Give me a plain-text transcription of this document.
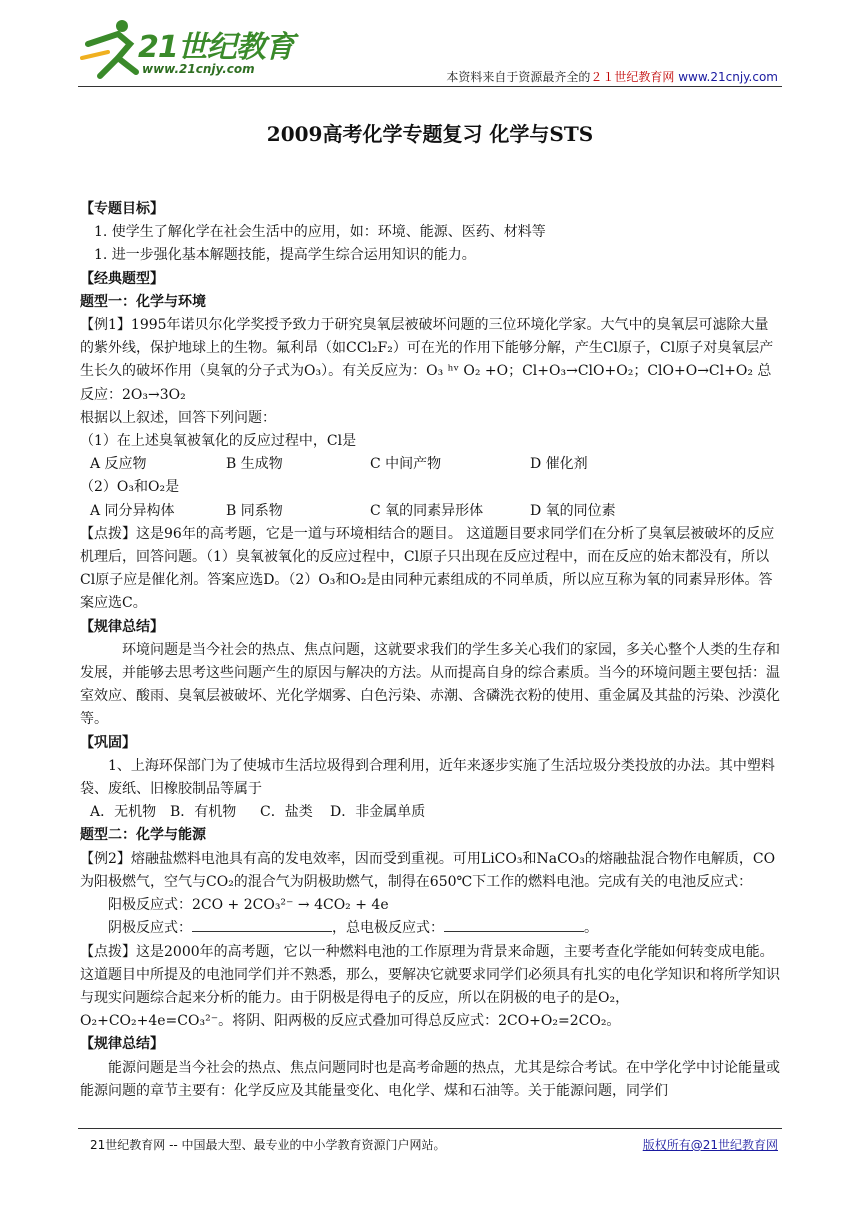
21世纪教育
www.21cnjy.com
本资料来自于资源最齐全的２１世纪教育网 www.21cnjy.com
2009高考化学专题复习 化学与STS

【专题目标】

1. 使学生了解化学在社会生活中的应用，如：环境、能源、医药、材料等

1. 进一步强化基本解题技能，提高学生综合运用知识的能力。

【经典题型】

题型一：化学与环境

【例1】1995年诺贝尔化学奖授予致力于研究臭氧层被破坏问题的三位环境化学家。大气中的臭氧层可滤除大量的紫外线，保护地球上的生物。氟利昂（如CCl₂F₂）可在光的作用下能够分解，产生Cl原子，Cl原子对臭氧层产生长久的破坏作用（臭氧的分子式为O₃）。有关反应为：O₃ ʰᵛ O₂ +O；Cl+O₃→ClO+O₂；ClO+O→Cl+O₂ 总反应：2O₃→3O₂

根据以上叙述，回答下列问题：

（1）在上述臭氧被氧化的反应过程中，Cl是

A 反应物	B 生成物	C 中间产物	D 催化剂

（2）O₃和O₂是

A 同分异构体	B 同系物	C 氧的同素异形体	D 氧的同位素

【点拨】这是96年的高考题，它是一道与环境相结合的题目。 这道题目要求同学们在分析了臭氧层被破坏的反应机理后，回答问题。（1）臭氧被氧化的反应过程中，Cl原子只出现在反应过程中，而在反应的始末都没有，所以Cl原子应是催化剂。答案应选D。（2）O₃和O₂是由同种元素组成的不同单质，所以应互称为氧的同素异形体。答案应选C。

【规律总结】

环境问题是当今社会的热点、焦点问题，这就要求我们的学生多关心我们的家园，多关心整个人类的生存和发展，并能够去思考这些问题产生的原因与解决的方法。从而提高自身的综合素质。当今的环境问题主要包括：温室效应、酸雨、臭氧层被破坏、光化学烟雾、白色污染、赤潮、含磷洗衣粉的使用、重金属及其盐的污染、沙漠化等。

【巩固】

1、上海环保部门为了使城市生活垃圾得到合理利用，近年来逐步实施了生活垃圾分类投放的办法。其中塑料袋、废纸、旧橡胶制品等属于

A．无机物 B．有机物	C．盐类	D．非金属单质

题型二：化学与能源

【例2】熔融盐燃料电池具有高的发电效率，因而受到重视。可用LiCO₃和NaCO₃的熔融盐混合物作电解质，CO为阳极燃气，空气与CO₂的混合气为阴极助燃气，制得在650℃下工作的燃料电池。完成有关的电池反应式：

阳极反应式：2CO + 2CO₃²⁻ → 4CO₂ + 4e

阴极反应式：	，总电极反应式：	。

【点拨】这是2000年的高考题，它以一种燃料电池的工作原理为背景来命题，主要考查化学能如何转变成电能。这道题目中所提及的电池同学们并不熟悉，那么，要解决它就要求同学们必须具有扎实的电化学知识和将所学知识与现实问题综合起来分析的能力。由于阴极是得电子的反应，所以在阴极的电子的是O₂，O₂+CO₂+4e=CO₃²⁻。将阴、阳两极的反应式叠加可得总反应式：2CO+O₂=2CO₂。

【规律总结】

能源问题是当今社会的热点、焦点问题同时也是高考命题的热点，尤其是综合考试。在中学化学中讨论能量或能源问题的章节主要有：化学反应及其能量变化、电化学、煤和石油等。关于能源问题，同学们

21世纪教育网 -- 中国最大型、最专业的中小学教育资源门户网站。	版权所有@21世纪教育网
